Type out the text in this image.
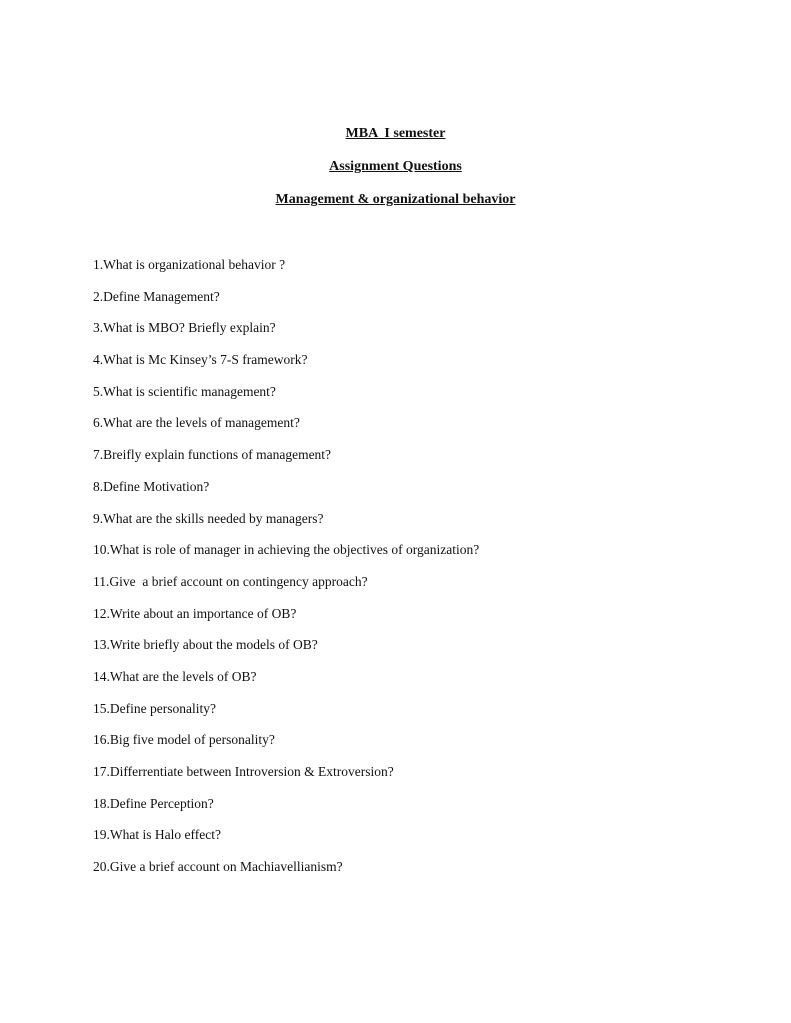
MBA  I semester
Assignment Questions
Management & organizational behavior
1.What is organizational behavior ?
2.Define Management?
3.What is MBO? Briefly explain?
4.What is Mc Kinsey’s 7-S framework?
5.What is scientific management?
6.What are the levels of management?
7.Breifly explain functions of management?
8.Define Motivation?
9.What are the skills needed by managers?
10.What is role of manager in achieving the objectives of organization?
11.Give  a brief account on contingency approach?
12.Write about an importance of OB?
13.Write briefly about the models of OB?
14.What are the levels of OB?
15.Define personality?
16.Big five model of personality?
17.Differrentiate between Introversion & Extroversion?
18.Define Perception?
19.What is Halo effect?
20.Give a brief account on Machiavellianism?
